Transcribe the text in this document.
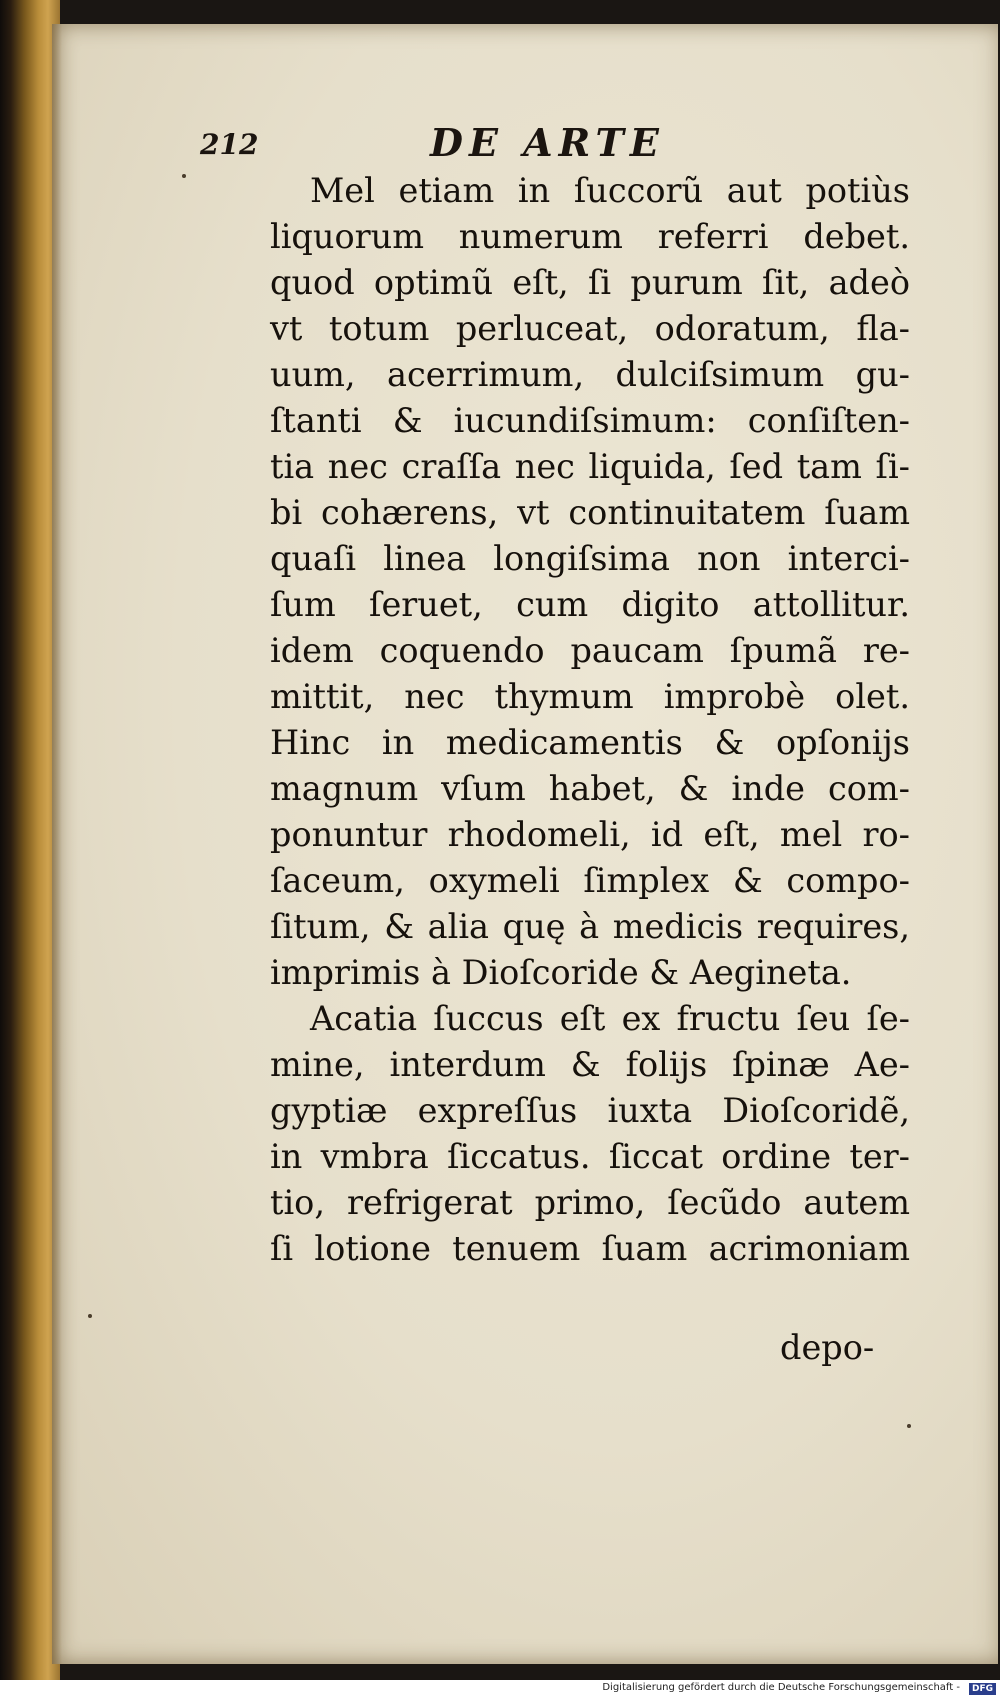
212	DE ARTE
Mel etiam in ſuccorũ aut potiùs
liquorum numerum referri debet.
quod optimũ eſt, ſi purum ſit, adeò
vt totum perluceat, odoratum, fla-
uum, acerrimum, dulciſsimum gu-
ſtanti & iucundiſsimum: conſiſten-
tia nec craſſa nec liquida, ſed tam ſi-
bi cohærens, vt continuitatem ſuam
quaſi linea longiſsima non interci-
ſum ſeruet, cum digito attollitur.
idem coquendo paucam ſpumã re-
mittit, nec thymum improbè olet.
Hinc in medicamentis & opſonijs
magnum vſum habet, & inde com-
ponuntur rhodomeli, id eſt, mel ro-
ſaceum, oxymeli ſimplex & compo-
ſitum, & alia quę à medicis requires,
imprimis à Dioſcoride & Aegineta.
Acatia ſuccus eſt ex fructu ſeu ſe-
mine, interdum & folijs ſpinæ Ae-
gyptiæ expreſſus iuxta Dioſcoridẽ,
in vmbra ſiccatus. ſiccat ordine ter-
tio, refrigerat primo, ſecũdo autem
ſi lotione tenuem ſuam acrimoniam
depo-
Digitalisierung gefördert durch die Deutsche Forschungsgemeinschaft -	DFG
